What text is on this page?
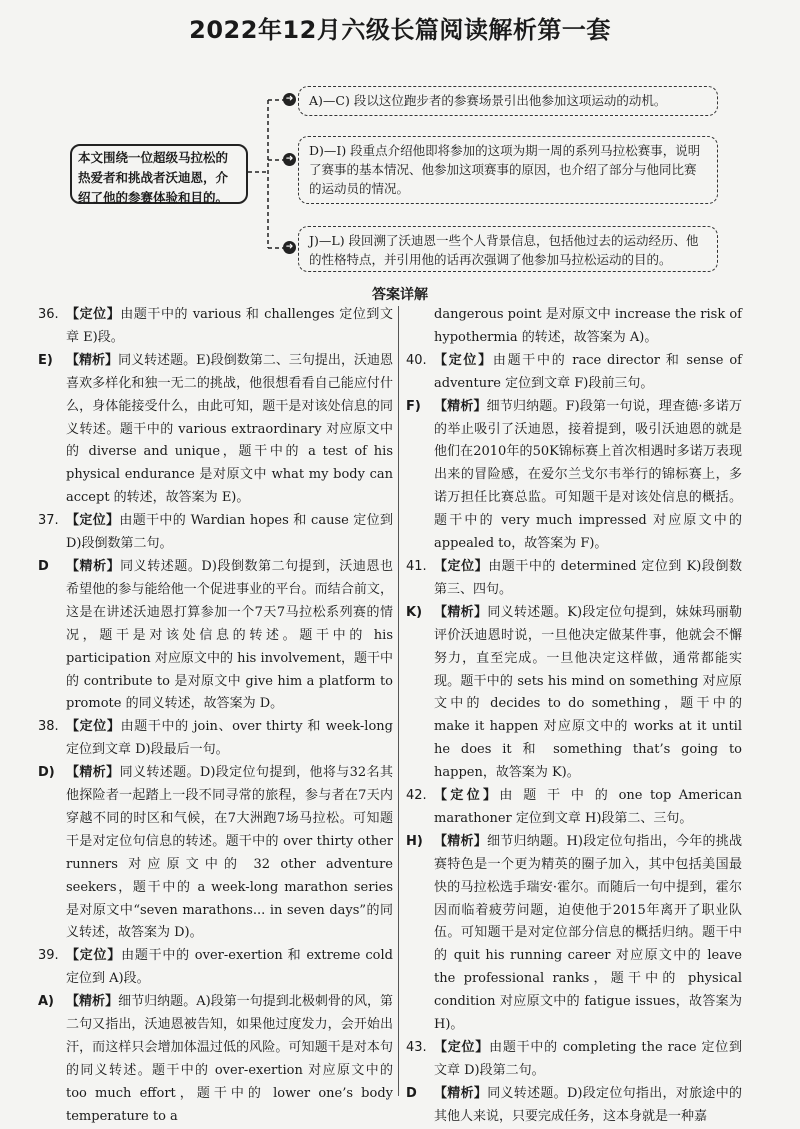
2022年12月六级长篇阅读解析第一套
➜
➜
➜
本文围绕一位超级马拉松的热爱者和挑战者沃迪恩，介绍了他的参赛体验和目的。
A)—C) 段以这位跑步者的参赛场景引出他参加这项运动的动机。
D)—I) 段重点介绍他即将参加的这项为期一周的系列马拉松赛事，说明了赛事的基本情况、他参加这项赛事的原因，也介绍了部分与他同比赛的运动员的情况。
J)—L) 段回溯了沃迪恩一些个人背景信息，包括他过去的运动经历、他的性格特点，并引用他的话再次强调了他参加马拉松运动的目的。
答案详解
36. 【定位】由题干中的 various 和 challenges 定位到文章 E)段。
E)	【精析】同义转述题。E)段倒数第二、三句提出，沃迪恩喜欢多样化和独一无二的挑战，他很想看看自己能应付什么，身体能接受什么，由此可知，题干是对该处信息的同义转述。题干中的 various extraordinary 对应原文中的 diverse and unique，题干中的 a test of his physical endurance 是对原文中 what my body can accept 的转述，故答案为 E)。
37. 【定位】由题干中的 Wardian hopes 和 cause 定位到 D)段倒数第二句。
D	【精析】同义转述题。D)段倒数第二句提到，沃迪恩也希望他的参与能给他一个促进事业的平台。而结合前文，这是在讲述沃迪恩打算参加一个7天7马拉松系列赛的情况，题干是对该处信息的转述。题干中的 his participation 对应原文中的 his involvement，题干中的 contribute to 是对原文中 give him a platform to promote 的同义转述，故答案为 D。
38. 【定位】由题干中的 join、over thirty 和 week-long 定位到文章 D)段最后一句。
D) 【精析】同义转述题。D)段定位句提到，他将与32名其他探险者一起踏上一段不同寻常的旅程，参与者在7天内穿越不同的时区和气候，在7大洲跑7场马拉松。可知题干是对定位句信息的转述。题干中的 over thirty other runners 对应原文中的 32 other adventure seekers，题干中的 a week-long marathon series 是对原文中“seven marathons... in seven days”的同义转述，故答案为 D)。
39. 【定位】由题干中的 over-exertion 和 extreme cold 定位到 A)段。
A) 【精析】细节归纳题。A)段第一句提到北极刺骨的风，第二句又指出，沃迪恩被告知，如果他过度发力，会开始出汗，而这样只会增加体温过低的风险。可知题干是对本句的同义转述。题干中的 over-exertion 对应原文中的 too much effort，题干中的 lower one’s body temperature to a
dangerous point 是对原文中 increase the risk of hypothermia 的转述，故答案为 A)。
40. 【定位】由题干中的 race director 和 sense of adventure 定位到文章 F)段前三句。
F)	【精析】细节归纳题。F)段第一句说，理查德·多诺万的举止吸引了沃迪恩，接着提到，吸引沃迪恩的就是他们在2010年的50K锦标赛上首次相遇时多诺万表现出来的冒险感，在爱尔兰戈尔韦举行的锦标赛上，多诺万担任比赛总监。可知题干是对该处信息的概括。题干中的 very much impressed 对应原文中的 appealed to，故答案为 F)。
41. 【定位】由题干中的 determined 定位到 K)段倒数第三、四句。
K) 【精析】同义转述题。K)段定位句提到，妹妹玛丽勒评价沃迪恩时说，一旦他决定做某件事，他就会不懈努力，直至完成。一旦他决定这样做，通常都能实现。题干中的 sets his mind on something 对应原文中的 decides to do something，题干中的 make it happen 对应原文中的 works at it until he does it 和 something that’s going to happen，故答案为 K)。
42. 【定位】由 题 干 中 的 one top American marathoner 定位到文章 H)段第二、三句。
H) 【精析】细节归纳题。H)段定位句指出，今年的挑战赛特色是一个更为精英的圈子加入，其中包括美国最快的马拉松选手瑞安·霍尔。而随后一句中提到，霍尔因而临着疲劳问题，迫使他于2015年离开了职业队伍。可知题干是对定位部分信息的概括归纳。题干中的 quit his running career 对应原文中的 leave the professional ranks，题干中的 physical condition 对应原文中的 fatigue issues，故答案为 H)。
43. 【定位】由题干中的 completing the race 定位到文章 D)段第二句。
D	【精析】同义转述题。D)段定位句指出，对旅途中的其他人来说，只要完成任务，这本身就是一种嘉
